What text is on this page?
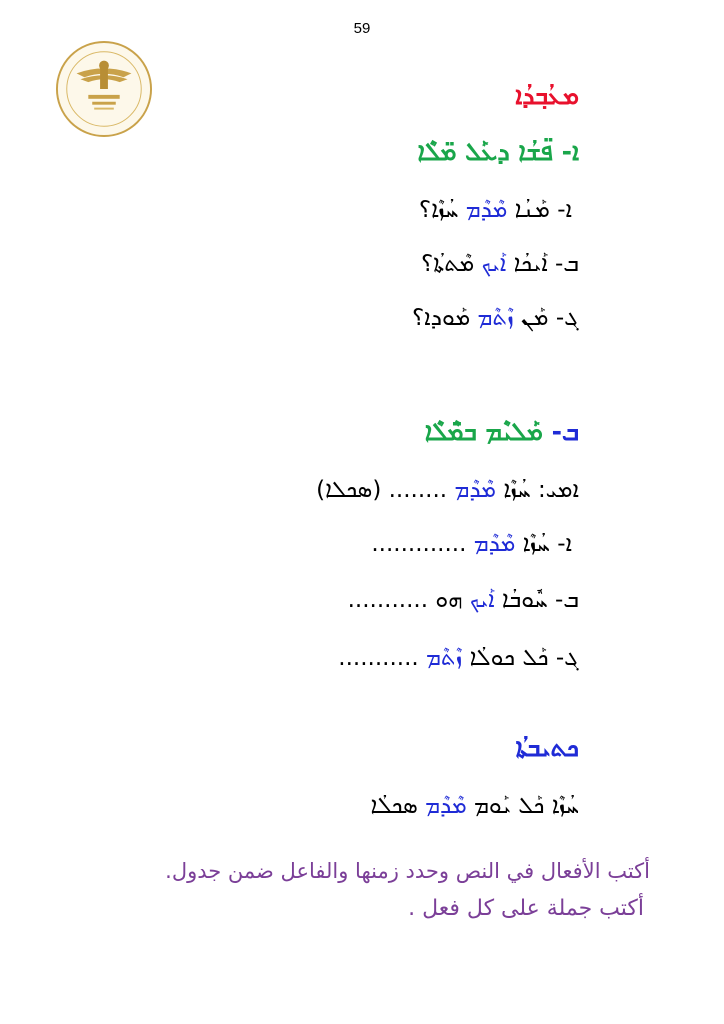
59
ܡܥܳܒ݂ܕܳܐ
ܐ- ܦ̈ܫܳܐ ܕܥܰܠ ܡ̈ܠܶܐ
ܐ- ܡܰܢܳܐ ܡܶܕܶܡ ܚܳܙܶܐ؟
ܒ- ܐܰܝܟܳܐ ܐܰܝܟ ܡܶܬܬܳܐ؟
ܓ- ܡܰܢ ܙܶܬܶܡ ܡܰܘܕܐ؟
ܒ- ܡܰܠܝܶܡ ܒܡ̈ܶܠܶܐ
ܐܡܝ: ܚܳܙܶܐ ܡܶܕܶܡ ........ (ܣܟܠܐ)
ܐ- ܚܳܙܶܐ ܡܶܕܶܡ .............
ܒ- ܚܽܘܒܳܐ ܐܰܝܟ ܗܘ ...........
ܓ- ܟܰܠ ܟܘܠܳܐ ܙܶܬܶܡ ...........
ܟܬܝܒܬܳܐ
ܚܳܙܶܐ ܟܰܠ ܝܰܘܡ ܡܶܕܶܡ ܣܟܠܳܐ
أكتب الأفعال في النص وحدد زمنها والفاعل ضمن جدول.
أكتب جملة على كل فعل .
